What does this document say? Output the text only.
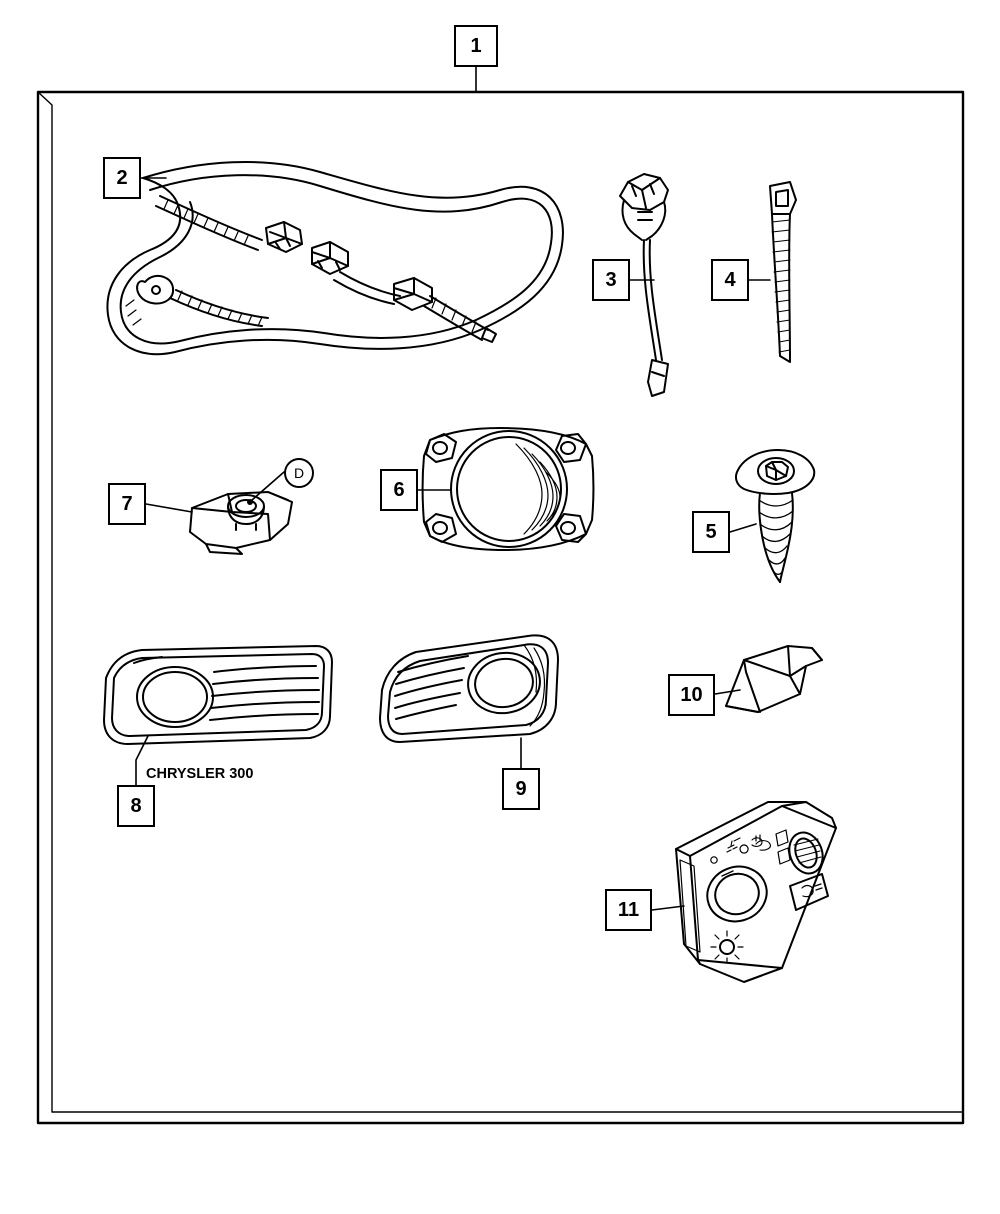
1
2
3	4
5
6
7
8
9
10
11
D
CHRYSLER 300
